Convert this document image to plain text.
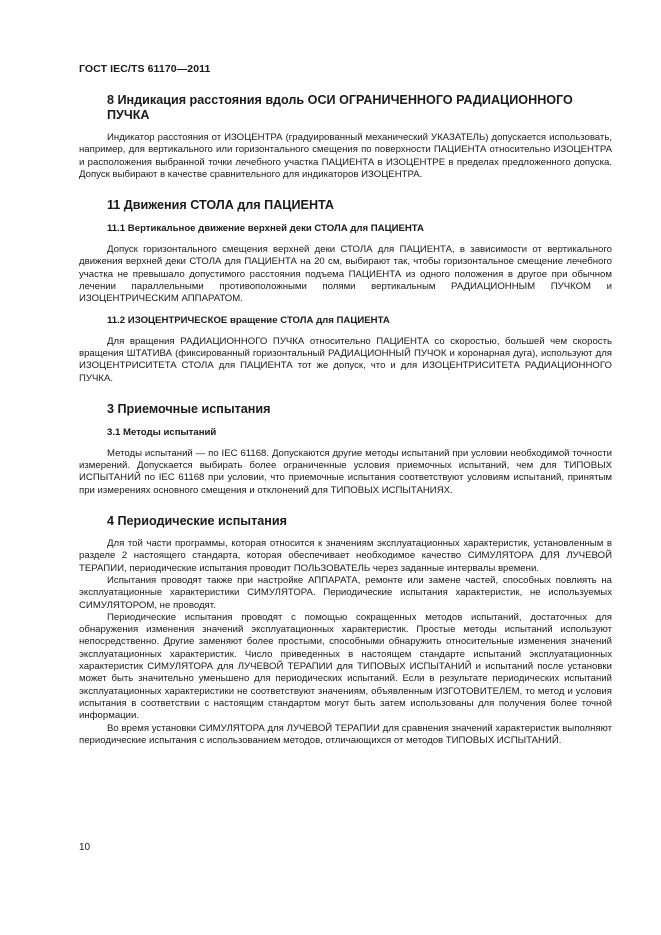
ГОСТ IEC/TS 61170—2011
8 Индикация расстояния вдоль ОСИ ОГРАНИЧЕННОГО РАДИАЦИОННОГО ПУЧКА

Индикатор расстояния от ИЗОЦЕНТРА (градуированный механический УКАЗАТЕЛЬ) допускается использовать, например, для вертикального или горизонтального смещения по поверхности ПАЦИЕНТА относительно ИЗОЦЕНТРА и расположения выбранной точки лечебного участка ПАЦИЕНТА в ИЗОЦЕНТРЕ в пределах предложенного допуска. Допуск выбирают в качестве сравнительного для индикаторов ИЗОЦЕНТРА.

11 Движения СТОЛА для ПАЦИЕНТА
11.1 Вертикальное движение верхней деки СТОЛА для ПАЦИЕНТА

Допуск горизонтального смещения верхней деки СТОЛА для ПАЦИЕНТА, в зависимости от вертикального движения верхней деки СТОЛА для ПАЦИЕНТА на 20 см, выбирают так, чтобы горизонтальное смещение лечебного участка не превышало допустимого расстояния подъема ПАЦИЕНТА из одного положения в другое при обычном лечении параллельными противоположными полями вертикальным РАДИАЦИОННЫМ ПУЧКОМ и ИЗОЦЕНТРИЧЕСКИМ АППАРАТОМ.

11.2 ИЗОЦЕНТРИЧЕСКОЕ вращение СТОЛА для ПАЦИЕНТА

Для вращения РАДИАЦИОННОГО ПУЧКА относительно ПАЦИЕНТА со скоростью, большей чем скорость вращения ШТАТИВА (фиксированный горизонтальный РАДИАЦИОННЫЙ ПУЧОК и коронарная дуга), используют для ИЗОЦЕНТРИСИТЕТА СТОЛА для ПАЦИЕНТА тот же допуск, что и для ИЗОЦЕНТРИСИТЕТА РАДИАЦИОННОГО ПУЧКА.

3 Приемочные испытания
3.1 Методы испытаний

Методы испытаний — по IEC 61168. Допускаются другие методы испытаний при условии необходимой точности измерений. Допускается выбирать более ограниченные условия приемочных испытаний, чем для ТИПОВЫХ ИСПЫТАНИЙ по IEC 61168 при условии, что приемочные испытания соответствуют условиям испытаний, принятым при измерениях основного смещения и отклонений для ТИПОВЫХ ИСПЫТАНИЯХ.

4 Периодические испытания

Для той части программы, которая относится к значениям эксплуатационных характеристик, установленным в разделе 2 настоящего стандарта, которая обеспечивает необходимое качество СИМУЛЯТОРА ДЛЯ ЛУЧЕВОЙ ТЕРАПИИ, периодические испытания проводит ПОЛЬЗОВАТЕЛЬ через заданные интервалы времени.

Испытания проводят также при настройке АППАРАТА, ремонте или замене частей, способных повлиять на эксплуатационные характеристики СИМУЛЯТОРА. Периодические испытания характеристик, не используемых СИМУЛЯТОРОМ, не проводят.

Периодические испытания проводят с помощью сокращенных методов испытаний, достаточных для обнаружения изменения значений эксплуатационных характеристик. Простые методы испытаний используют непосредственно. Другие заменяют более простыми, способными обнаружить относительные изменения значений эксплуатационных характеристик. Число приведенных в настоящем стандарте испытаний эксплуатационных характеристик СИМУЛЯТОРА для ЛУЧЕВОЙ ТЕРАПИИ для ТИПОВЫХ ИСПЫТАНИЙ и испытаний после установки может быть значительно уменьшено для периодических испытаний. Если в результате периодических испытаний эксплуатационных характеристики не соответствуют значениям, объявленным ИЗГОТОВИТЕЛЕМ, то метод и условия испытания в соответствии с настоящим стандартом могут быть затем использованы для получения более точной информации.

Во время установки СИМУЛЯТОРА для ЛУЧЕВОЙ ТЕРАПИИ для сравнения значений характеристик выполняют периодические испытания с использованием методов, отличающихся от методов ТИПОВЫХ ИСПЫТАНИЙ.

10
